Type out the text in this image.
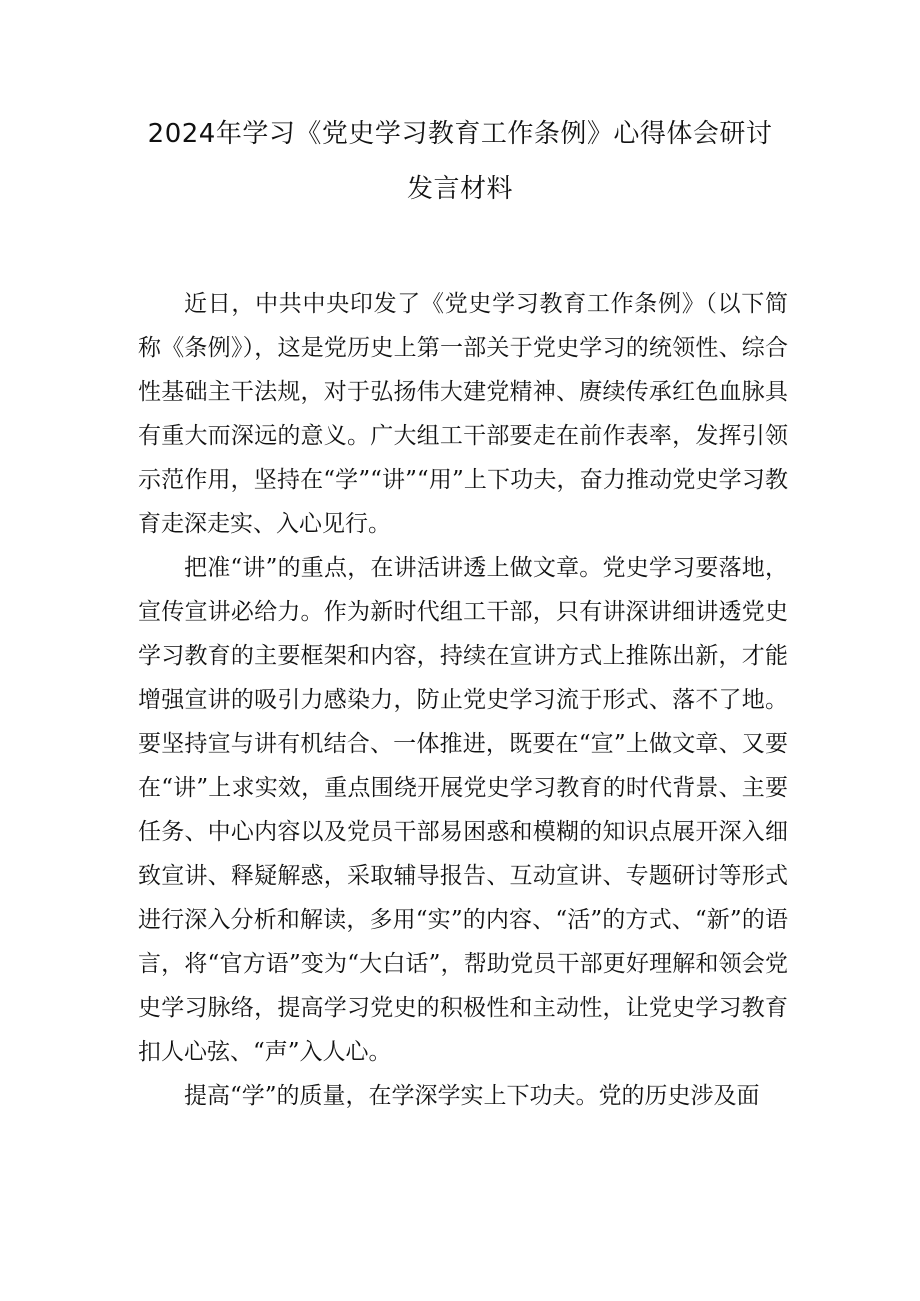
2024年学习《党史学习教育工作条例》心得体会研讨
发言材料

近日，中共中央印发了《党史学习教育工作条例》（以下简称《条例》），这是党历史上第一部关于党史学习的统领性、综合性基础主干法规，对于弘扬伟大建党精神、赓续传承红色血脉具有重大而深远的意义。广大组工干部要走在前作表率，发挥引领示范作用，坚持在“学”“讲”“用”上下功夫，奋力推动党史学习教育走深走实、入心见行。

把准“讲”的重点，在讲活讲透上做文章。党史学习要落地，宣传宣讲必给力。作为新时代组工干部，只有讲深讲细讲透党史学习教育的主要框架和内容，持续在宣讲方式上推陈出新，才能增强宣讲的吸引力感染力，防止党史学习流于形式、落不了地。要坚持宣与讲有机结合、一体推进，既要在“宣”上做文章、又要在“讲”上求实效，重点围绕开展党史学习教育的时代背景、主要任务、中心内容以及党员干部易困惑和模糊的知识点展开深入细致宣讲、释疑解惑，采取辅导报告、互动宣讲、专题研讨等形式进行深入分析和解读，多用“实”的内容、“活”的方式、“新”的语言，将“官方语”变为“大白话”，帮助党员干部更好理解和领会党史学习脉络，提高学习党史的积极性和主动性，让党史学习教育扣人心弦、“声”入人心。

提高“学”的质量，在学深学实上下功夫。党的历史涉及面
